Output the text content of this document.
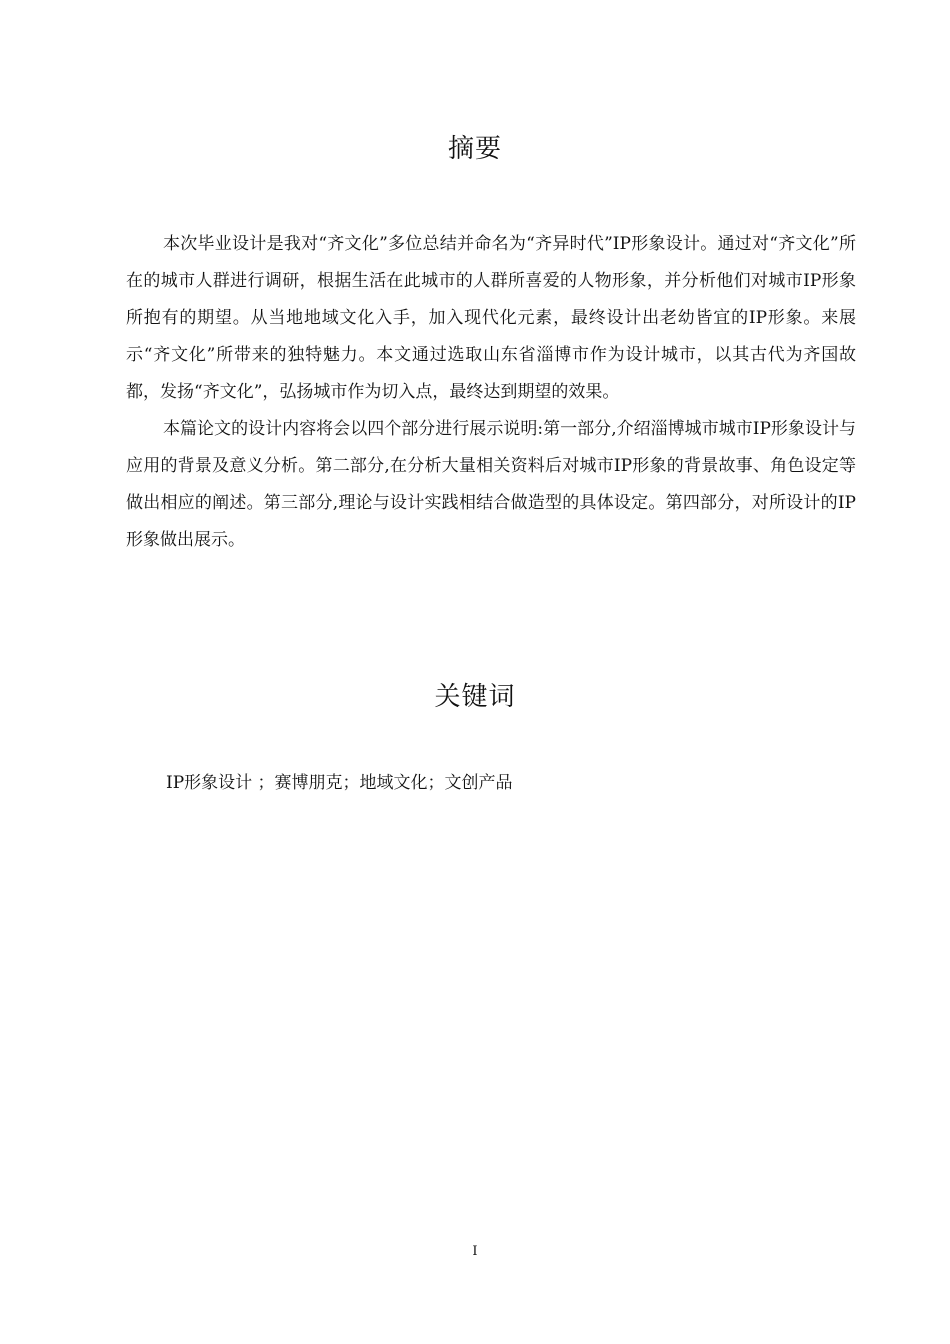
摘要

本次毕业设计是我对“齐文化”多位总结并命名为“齐异时代”IP形象设计。通过对“齐文化”所在的城市人群进行调研，根据生活在此城市的人群所喜爱的人物形象，并分析他们对城市IP形象所抱有的期望。从当地地域文化入手，加入现代化元素，最终设计出老幼皆宜的IP形象。来展示“齐文化”所带来的独特魅力。本文通过选取山东省淄博市作为设计城市，以其古代为齐国故都，发扬“齐文化”，弘扬城市作为切入点，最终达到期望的效果。

本篇论文的设计内容将会以四个部分进行展示说明:第一部分,介绍淄博城市城市IP形象设计与应用的背景及意义分析。第二部分,在分析大量相关资料后对城市IP形象的背景故事、角色设定等做出相应的阐述。第三部分,理论与设计实践相结合做造型的具体设定。第四部分，对所设计的IP形象做出展示。

关键词

IP形象设计 ；赛博朋克；地域文化；文创产品

I
